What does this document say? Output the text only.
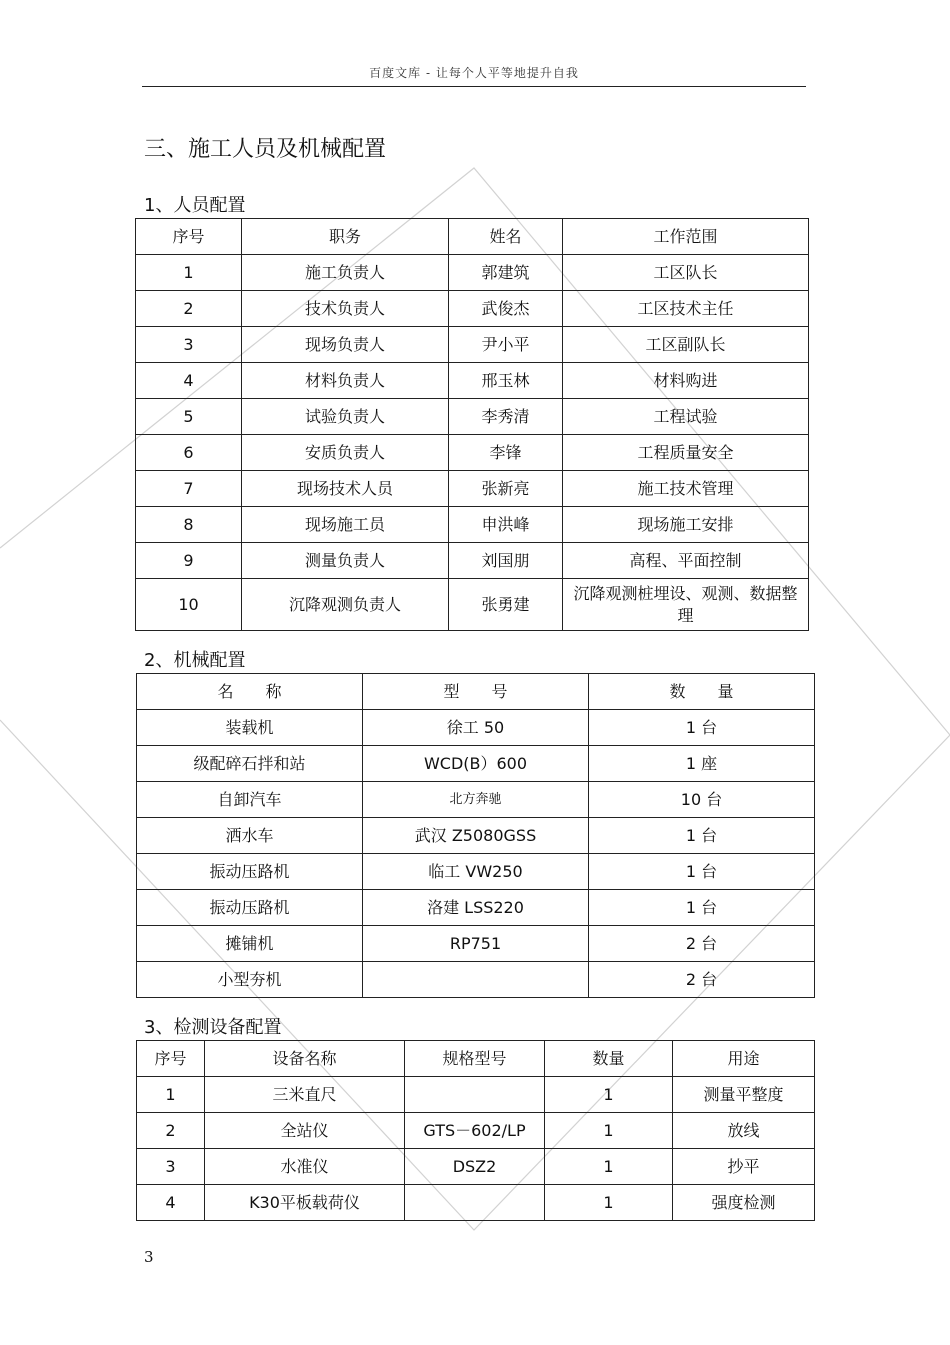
百度文库 - 让每个人平等地提升自我
三、施工人员及机械配置
1、人员配置
序号	职务	姓名	工作范围
1	施工负责人	郭建筑	工区队长
2	技术负责人	武俊杰	工区技术主任
3	现场负责人	尹小平	工区副队长
4	材料负责人	邢玉林	材料购进
5	试验负责人	李秀清	工程试验
6	安质负责人	李锋	工程质量安全
7	现场技术人员	张新亮	施工技术管理
8	现场施工员	申洪峰	现场施工安排
9	测量负责人	刘国朋	高程、平面控制
10	沉降观测负责人	张勇建	沉降观测桩埋设、观测、数据整理
2、机械配置
名　　称	型　　号	数　　量
装载机	徐工 50	1 台
级配碎石拌和站	WCD(B）600	1 座
自卸汽车	北方奔驰	10 台
洒水车	武汉 Z5080GSS	1 台
振动压路机	临工 VW250	1 台
振动压路机	洛建 LSS220	1 台
摊铺机	RP751	2 台
小型夯机		2 台
3、检测设备配置
序号	设备名称	规格型号	数量	用途
1	三米直尺		1	测量平整度
2	全站仪	GTS－602/LP	1	放线
3	水准仪	DSZ2	1	抄平
4	K30平板载荷仪		1	强度检测
3
